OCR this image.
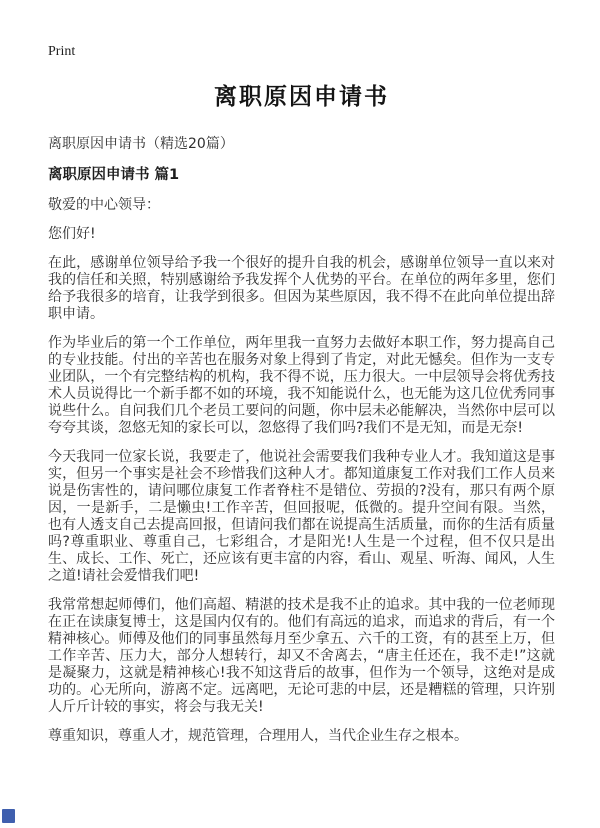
Print
离职原因申请书

离职原因申请书（精选20篇）

离职原因申请书 篇1

敬爱的中心领导：

您们好!

在此，感谢单位领导给予我一个很好的提升自我的机会，感谢单位领导一直以来对我的信任和关照，特别感谢给予我发挥个人优势的平台。在单位的两年多里，您们给予我很多的培育，让我学到很多。但因为某些原因，我不得不在此向单位提出辞职申请。

作为毕业后的第一个工作单位，两年里我一直努力去做好本职工作，努力提高自己的专业技能。付出的辛苦也在服务对象上得到了肯定，对此无憾矣。但作为一支专业团队，一个有完整结构的机构，我不得不说，压力很大。一中层领导会将优秀技术人员说得比一个新手都不如的环境，我不知能说什么，也无能为这几位优秀同事说些什么。自问我们几个老员工要问的问题，你中层未必能解决，当然你中层可以夸夸其谈，忽悠无知的家长可以，忽悠得了我们吗?我们不是无知，而是无奈!

今天我同一位家长说，我要走了，他说社会需要我们我种专业人才。我知道这是事实，但另一个事实是社会不珍惜我们这种人才。都知道康复工作对我们工作人员来说是伤害性的，请问哪位康复工作者脊柱不是错位、劳损的?没有，那只有两个原因，一是新手，二是懒虫!工作辛苦，但回报呢，低微的。提升空间有限。当然，也有人透支自己去提高回报，但请问我们都在说提高生活质量，而你的生活有质量吗?尊重职业、尊重自己，七彩组合，才是阳光!人生是一个过程，但不仅只是出生、成长、工作、死亡，还应该有更丰富的内容，看山、观星、听海、闻风，人生之道!请社会爱惜我们吧!

我常常想起师傅们，他们高超、精湛的技术是我不止的追求。其中我的一位老师现在正在读康复博士，这是国内仅有的。他们有高远的追求，而追求的背后，有一个精神核心。师傅及他们的同事虽然每月至少拿五、六千的工资，有的甚至上万，但工作辛苦、压力大，部分人想转行，却又不舍离去，“唐主任还在，我不走!”这就是凝聚力，这就是精神核心!我不知这背后的故事，但作为一个领导，这绝对是成功的。心无所向，游离不定。远离吧，无论可悲的中层，还是糟糕的管理，只许别人斤斤计较的事实，将会与我无关!

尊重知识，尊重人才，规范管理，合理用人，当代企业生存之根本。
